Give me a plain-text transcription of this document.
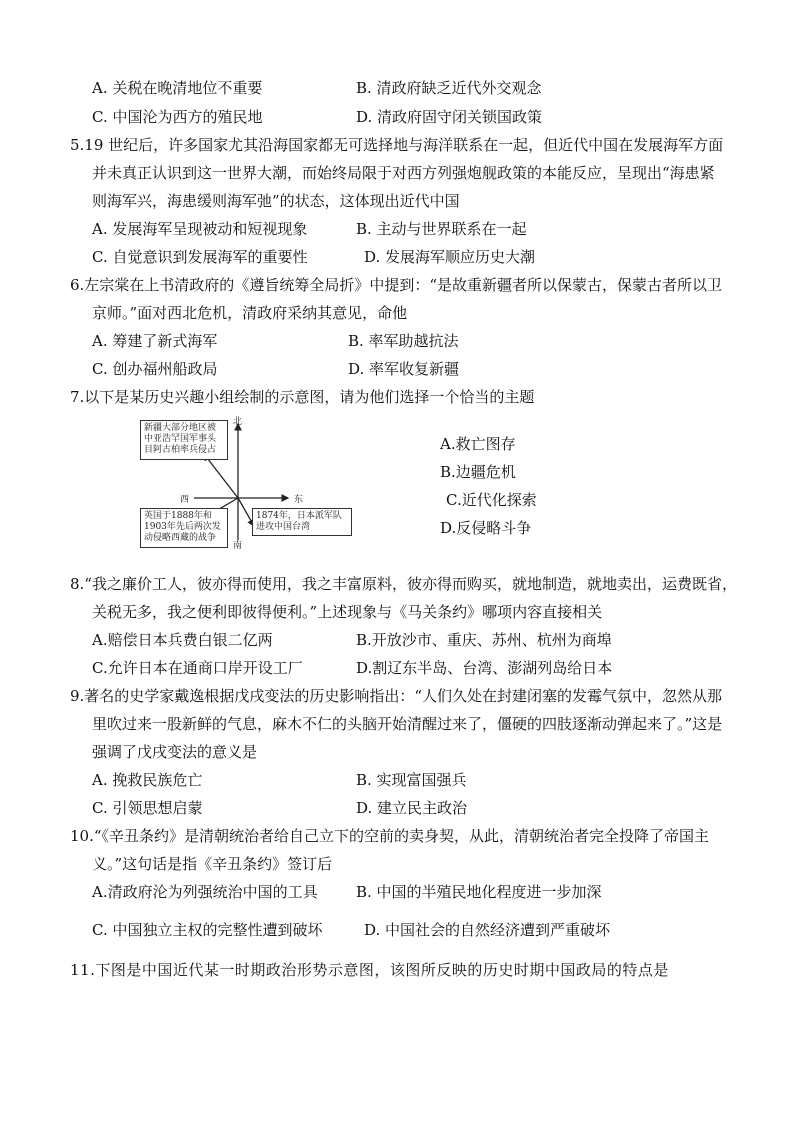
A. 关税在晚清地位不重要	B. 清政府缺乏近代外交观念
C. 中国沦为西方的殖民地	D. 清政府固守闭关锁国政策
5.19 世纪后，许多国家尤其沿海国家都无可选择地与海洋联系在一起，但近代中国在发展海军方面
并未真正认识到这一世界大潮，而始终局限于对西方列强炮舰政策的本能反应，呈现出“海患紧
则海军兴，海患缓则海军弛”的状态，这体现出近代中国
A. 发展海军呈现被动和短视现象	B. 主动与世界联系在一起
C. 自觉意识到发展海军的重要性	D. 发展海军顺应历史大潮
6.左宗棠在上书清政府的《遵旨统筹全局折》中提到：“是故重新疆者所以保蒙古，保蒙古者所以卫
京师。”面对西北危机，清政府采纳其意见，命他
A. 筹建了新式海军	B. 率军助越抗法
C. 创办福州船政局	D. 率军收复新疆
7.以下是某历史兴趣小组绘制的示意图，请为他们选择一个恰当的主题
北
东
西
南
新疆大部分地区被中亚浩罕国军事头目阿古柏率兵侵占
英国于1888年和1903年先后两次发动侵略西藏的战争
1874年，日本派军队进攻中国台湾
A.救亡图存
B.边疆危机
C.近代化探索
D.反侵略斗争
8.“我之廉价工人，彼亦得而使用，我之丰富原料，彼亦得而购买，就地制造，就地卖出，运费既省，
关税无多，我之便利即彼得便利。”上述现象与《马关条约》哪项内容直接相关
A.赔偿日本兵费白银二亿两	B.开放沙市、重庆、苏州、杭州为商埠
C.允许日本在通商口岸开设工厂	D.割辽东半岛、台湾、澎湖列岛给日本
9.著名的史学家戴逸根据戊戌变法的历史影响指出：“人们久处在封建闭塞的发霉气氛中，忽然从那
里吹过来一股新鲜的气息，麻木不仁的头脑开始清醒过来了，僵硬的四肢逐渐动弹起来了。”这是
强调了戊戌变法的意义是
A. 挽救民族危亡	B. 实现富国强兵
C. 引领思想启蒙	D. 建立民主政治
10.“《辛丑条约》是清朝统治者给自己立下的空前的卖身契，从此，清朝统治者完全投降了帝国主
义。”这句话是指《辛丑条约》签订后
A.清政府沦为列强统治中国的工具	B. 中国的半殖民地化程度进一步加深
C. 中国独立主权的完整性遭到破坏	D. 中国社会的自然经济遭到严重破坏
11.下图是中国近代某一时期政治形势示意图，该图所反映的历史时期中国政局的特点是
